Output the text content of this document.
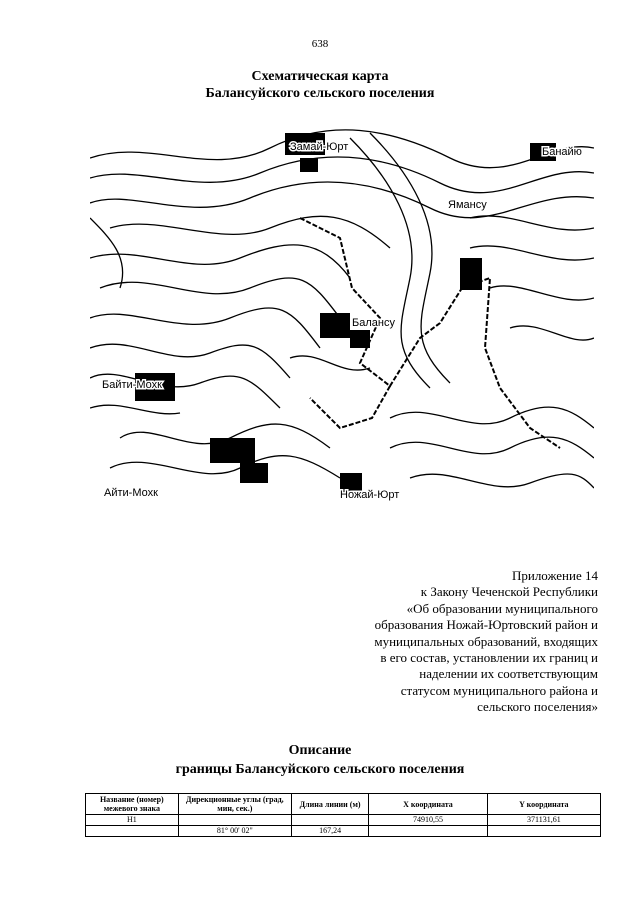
638
Схематическая карта
Балансуйского сельского поселения
Замай-Юрт	Банайю
Ямансу
Балансу
Байти-Мохк
Айти-Мохк	Ножай-Юрт
Приложение 14
к Закону Чеченской Республики
«Об образовании муниципального
образования Ножай-Юртовский район и
муниципальных образований, входящих
в его состав, установлении их границ и
наделении их соответствующим
статусом муниципального района и
сельского поселения»
Описание
границы Балансуйского сельского поселения
Название (номер) межевого знака	Дирекционные углы (град, мин, сек.)	Длина линии (м)	X координата	Y координата
Н1			74910,55	371131,61
	81° 00' 02"	167,24		
